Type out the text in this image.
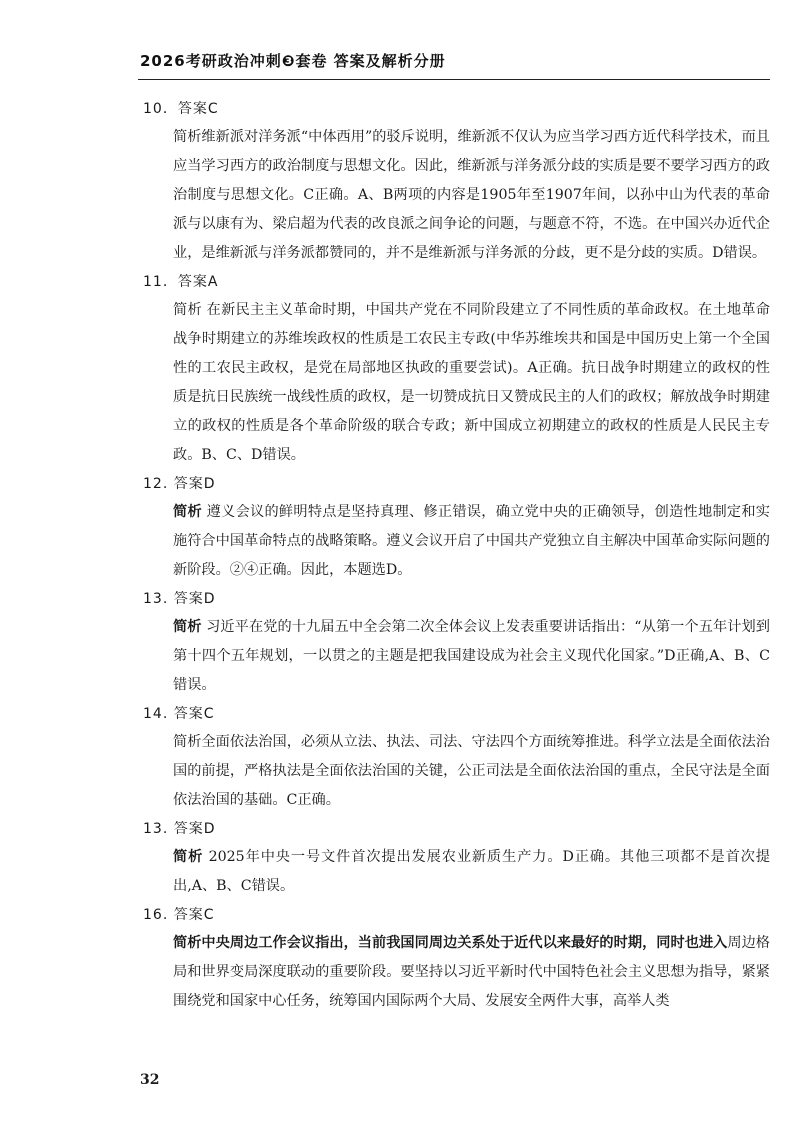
2026考研政治冲刺❸套卷 答案及解析分册
10．答案C

简析维新派对洋务派“中体西用”的驳斥说明，维新派不仅认为应当学习西方近代科学技术，而且应当学习西方的政治制度与思想文化。因此，维新派与洋务派分歧的实质是要不要学习西方的政治制度与思想文化。C正确。A、B两项的内容是1905年至1907年间，以孙中山为代表的革命派与以康有为、梁启超为代表的改良派之间争论的问题，与题意不符，不选。在中国兴办近代企业，是维新派与洋务派都赞同的，并不是维新派与洋务派的分歧，更不是分歧的实质。D错误。

11．答案A

简析 在新民主主义革命时期，中国共产党在不同阶段建立了不同性质的革命政权。在土地革命战争时期建立的苏维埃政权的性质是工农民主专政(中华苏维埃共和国是中国历史上第一个全国性的工农民主政权，是党在局部地区执政的重要尝试)。A正确。抗日战争时期建立的政权的性质是抗日民族统一战线性质的政权，是一切赞成抗日又赞成民主的人们的政权；解放战争时期建立的政权的性质是各个革命阶级的联合专政；新中国成立初期建立的政权的性质是人民民主专政。B、C、D错误。

12. 答案D

简析 遵义会议的鲜明特点是坚持真理、修正错误，确立党中央的正确领导，创造性地制定和实施符合中国革命特点的战略策略。遵义会议开启了中国共产党独立自主解决中国革命实际问题的新阶段。②④正确。因此，本题选D。

13. 答案D

简析 习近平在党的十九届五中全会第二次全体会议上发表重要讲话指出：“从第一个五年计划到第十四个五年规划，一以贯之的主题是把我国建设成为社会主义现代化国家。”D正确,A、B、C错误。

14. 答案C

简析全面依法治国，必须从立法、执法、司法、守法四个方面统筹推进。科学立法是全面依法治国的前提，严格执法是全面依法治国的关键，公正司法是全面依法治国的重点，全民守法是全面依法治国的基础。C正确。

13. 答案D

简析 2025年中央一号文件首次提出发展农业新质生产力。D正确。其他三项都不是首次提出,A、B、C错误。

16. 答案C

简析中央周边工作会议指出，当前我国同周边关系处于近代以来最好的时期，同时也进入周边格局和世界变局深度联动的重要阶段。要坚持以习近平新时代中国特色社会主义思想为指导，紧紧围绕党和国家中心任务，统筹国内国际两个大局、发展安全两件大事，高举人类

32
